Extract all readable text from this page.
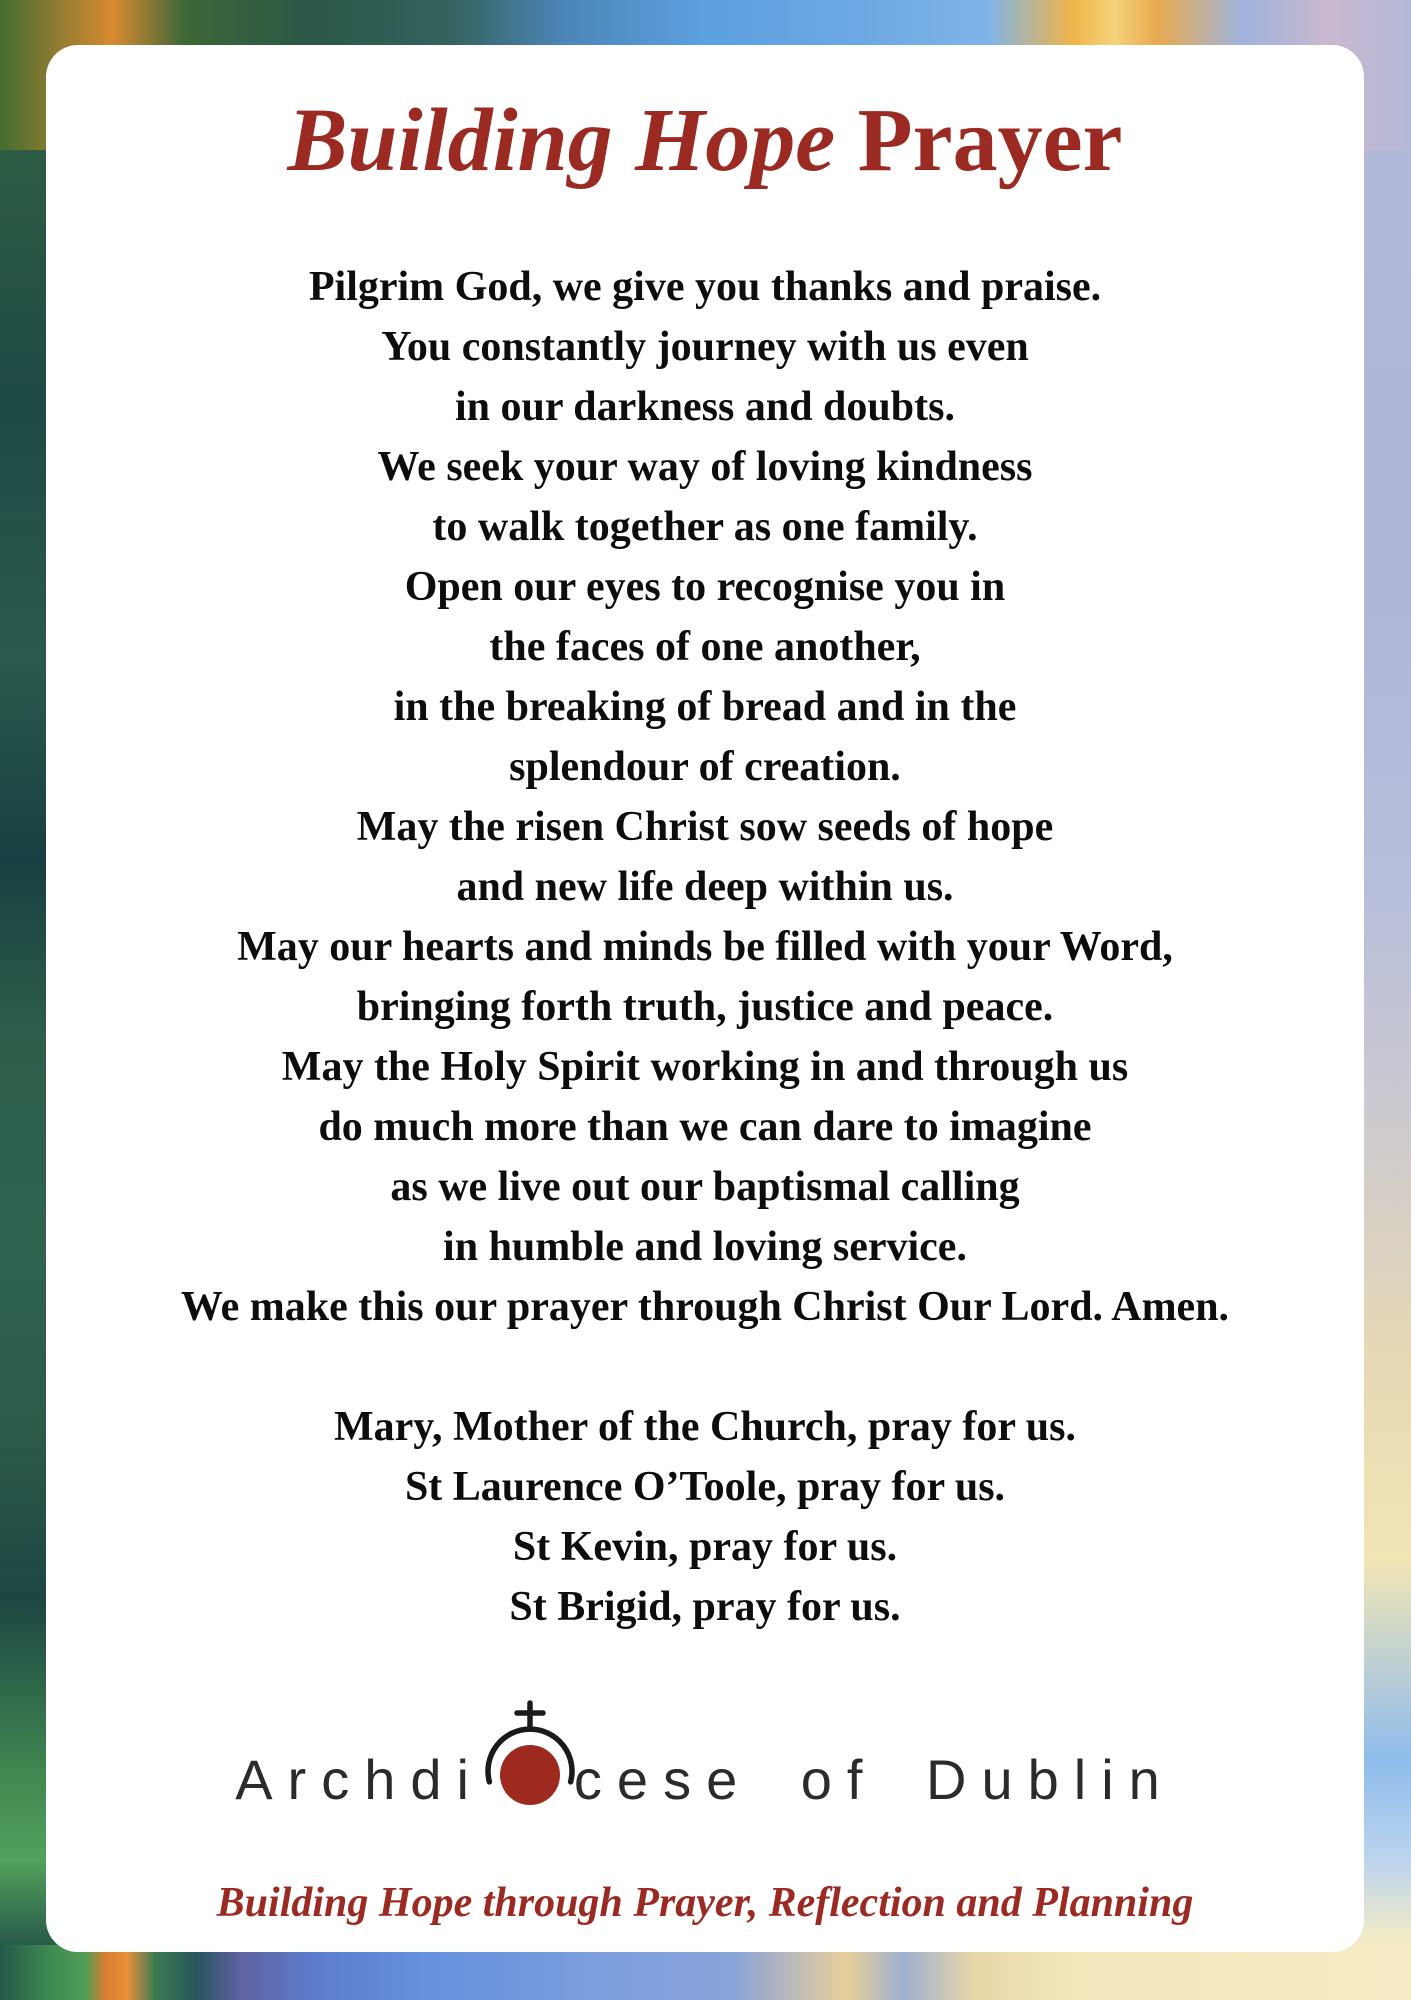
Building Hope Prayer
Pilgrim God, we give you thanks and praise.
You constantly journey with us even
in our darkness and doubts.
We seek your way of loving kindness
to walk together as one family.
Open our eyes to recognise you in
the faces of one another,
in the breaking of bread and in the
splendour of creation.
May the risen Christ sow seeds of hope
and new life deep within us.
May our hearts and minds be filled with your Word,
bringing forth truth, justice and peace.
May the Holy Spirit working in and through us
do much more than we can dare to imagine
as we live out our baptismal calling
in humble and loving service.
We make this our prayer through Christ Our Lord. Amen.
Mary, Mother of the Church, pray for us.
St Laurence O’Toole, pray for us.
St Kevin, pray for us.
St Brigid, pray for us.
Archdi cese of Dublin
Building Hope through Prayer, Reflection and Planning
